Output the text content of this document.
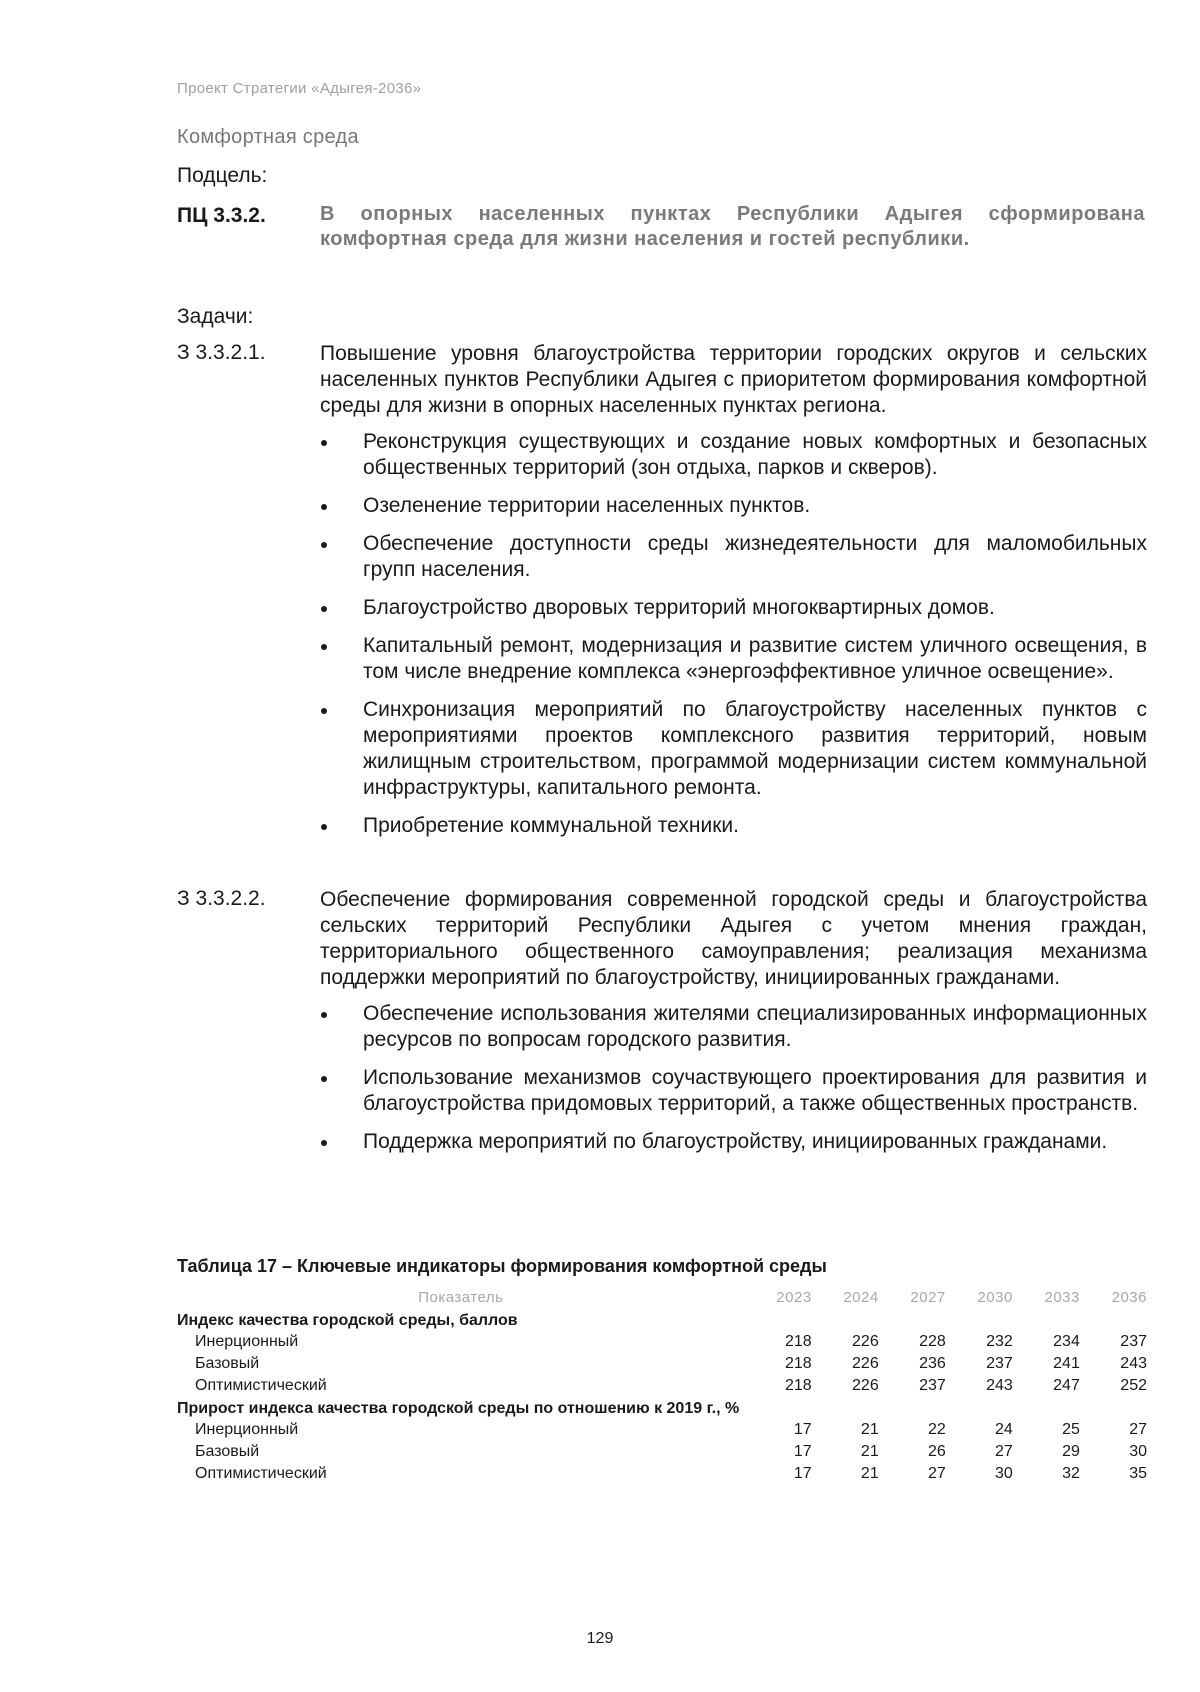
Проект Стратегии «Адыгея-2036»
Комфортная среда
Подцель:
ПЦ 3.3.2.	В опорных населенных пунктах Республики Адыгея сформирована комфортная среда для жизни населения и гостей республики.
Задачи:
З 3.3.2.1.	Повышение уровня благоустройства территории городских округов и сельских населенных пунктов Республики Адыгея с приоритетом формирования комфортной среды для жизни в опорных населенных пунктах региона.
Реконструкция существующих и создание новых комфортных и безопасных общественных территорий (зон отдыха, парков и скверов).
Озеленение территории населенных пунктов.
Обеспечение доступности среды жизнедеятельности для маломобильных групп населения.
Благоустройство дворовых территорий многоквартирных домов.
Капитальный ремонт, модернизация и развитие систем уличного освещения, в том числе внедрение комплекса «энергоэффективное уличное освещение».
Синхронизация мероприятий по благоустройству населенных пунктов с мероприятиями проектов комплексного развития территорий, новым жилищным строительством, программой модернизации систем коммунальной инфраструктуры, капитального ремонта.
Приобретение коммунальной техники.
З 3.3.2.2.	Обеспечение формирования современной городской среды и благоустройства сельских территорий Республики Адыгея с учетом мнения граждан, территориального общественного самоуправления; реализация механизма поддержки мероприятий по благоустройству, инициированных гражданами.
Обеспечение использования жителями специализированных информационных ресурсов по вопросам городского развития.
Использование механизмов соучаствующего проектирования для развития и благоустройства придомовых территорий, а также общественных пространств.
Поддержка мероприятий по благоустройству, инициированных гражданами.
Таблица 17 – Ключевые индикаторы формирования комфортной среды
Показатель	2023	2024	2027	2030	2033	2036
Индекс качества городской среды, баллов						
Инерционный	218	226	228	232	234	237
Базовый	218	226	236	237	241	243
Оптимистический	218	226	237	243	247	252
Прирост индекса качества городской среды по отношению к 2019 г., %						
Инерционный	17	21	22	24	25	27
Базовый	17	21	26	27	29	30
Оптимистический	17	21	27	30	32	35
129
